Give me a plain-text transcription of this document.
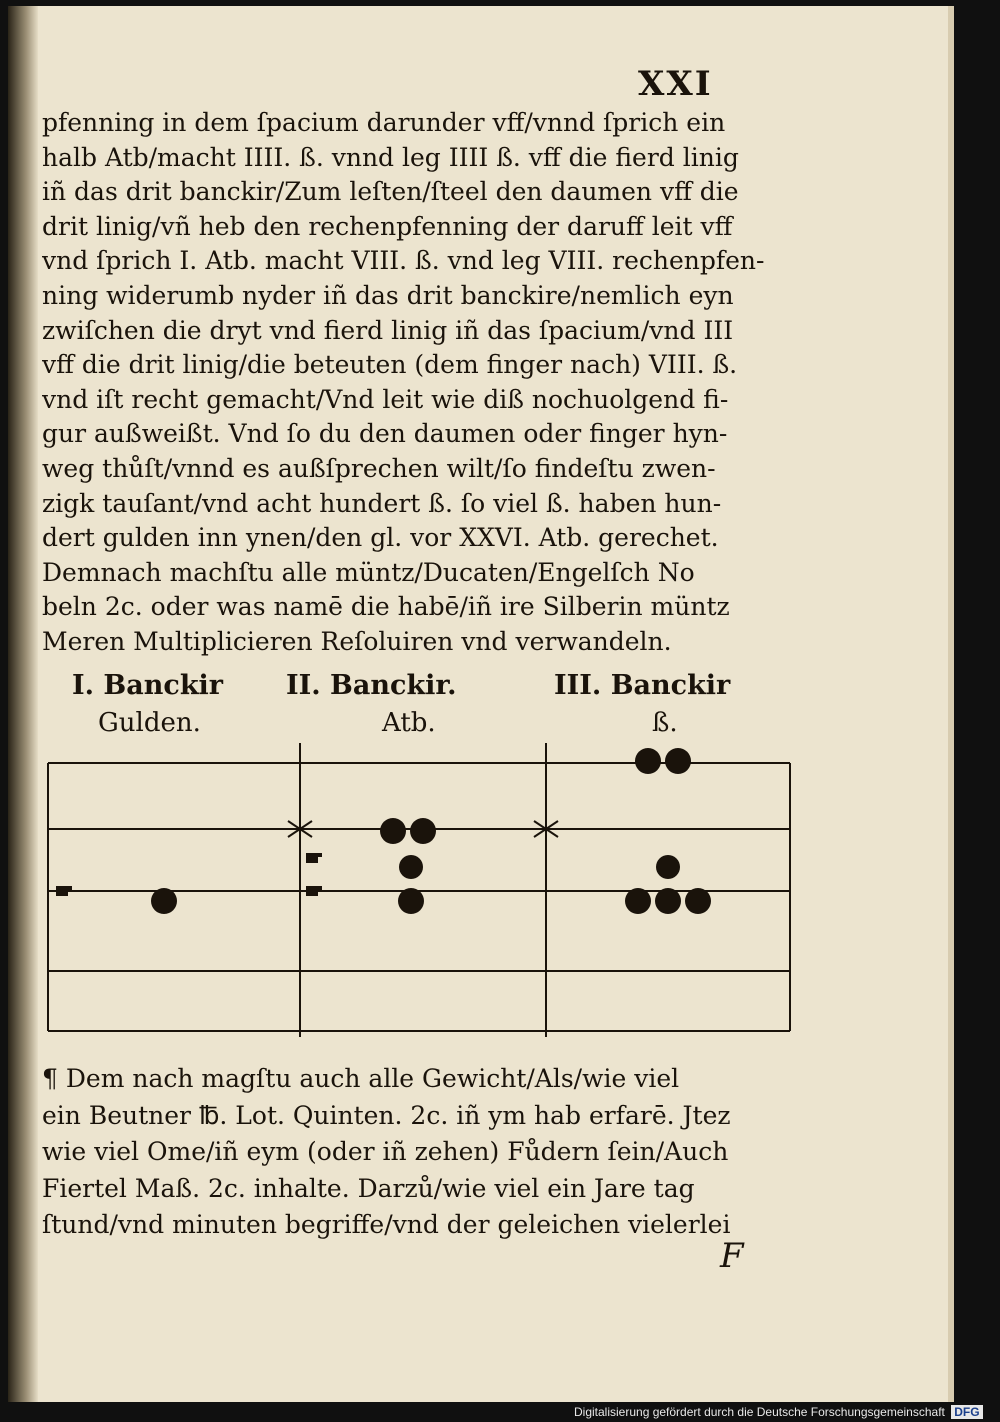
XXI
pfenning in dem ſpacium darunder vff/vnnd ſprich ein
halb Atb/macht IIII. ß. vnnd leg IIII ß. vff die fierd linig
iñ das drit banckir/Zum leſten/ſteel den daumen vff die
drit linig/vñ heb den rechenpfenning der daruff leit vff
vnd ſprich I. Atb. macht VIII. ß. vnd leg VIII. rechenpfen-
ning widerumb nyder iñ das drit banckire/nemlich eyn
zwiſchen die dryt vnd fierd linig iñ das ſpacium/vnd III
vff die drit linig/die beteuten (dem finger nach) VIII. ß.
vnd iſt recht gemacht/Vnd leit wie diß nochuolgend fi-
gur außweißt. Vnd ſo du den daumen oder finger hyn-
weg thůſt/vnnd es außſprechen wilt/ſo findeſtu zwen-
zigk tauſant/vnd acht hundert ß. ſo viel ß. haben hun-
dert gulden inn ynen/den gl. vor XXVI. Atb. gerechet.
Demnach machſtu alle müntz/Ducaten/Engelſch No
beln 2c. oder was namē die habē/iñ ire Silberin müntz
Meren Multiplicieren Reſoluiren vnd verwandeln.
I. Banckir II. Banckir.	III. Banckir
Gulden.	Atb.	ß.
¶ Dem nach magſtu auch alle Gewicht/Als/wie viel
ein Beutner ℔. Lot. Quinten. 2c. iñ ym hab erfarē. Jtez
wie viel Ome/iñ eym (oder iñ zehen) Fůdern ſein/Auch
Fiertel Maß. 2c. inhalte. Darzů/wie viel ein Jare tag
ſtund/vnd minuten begriffe/vnd der geleichen vielerlei
F
Digitalisierung gefördert durch die Deutsche Forschungsgemeinschaft DFG
